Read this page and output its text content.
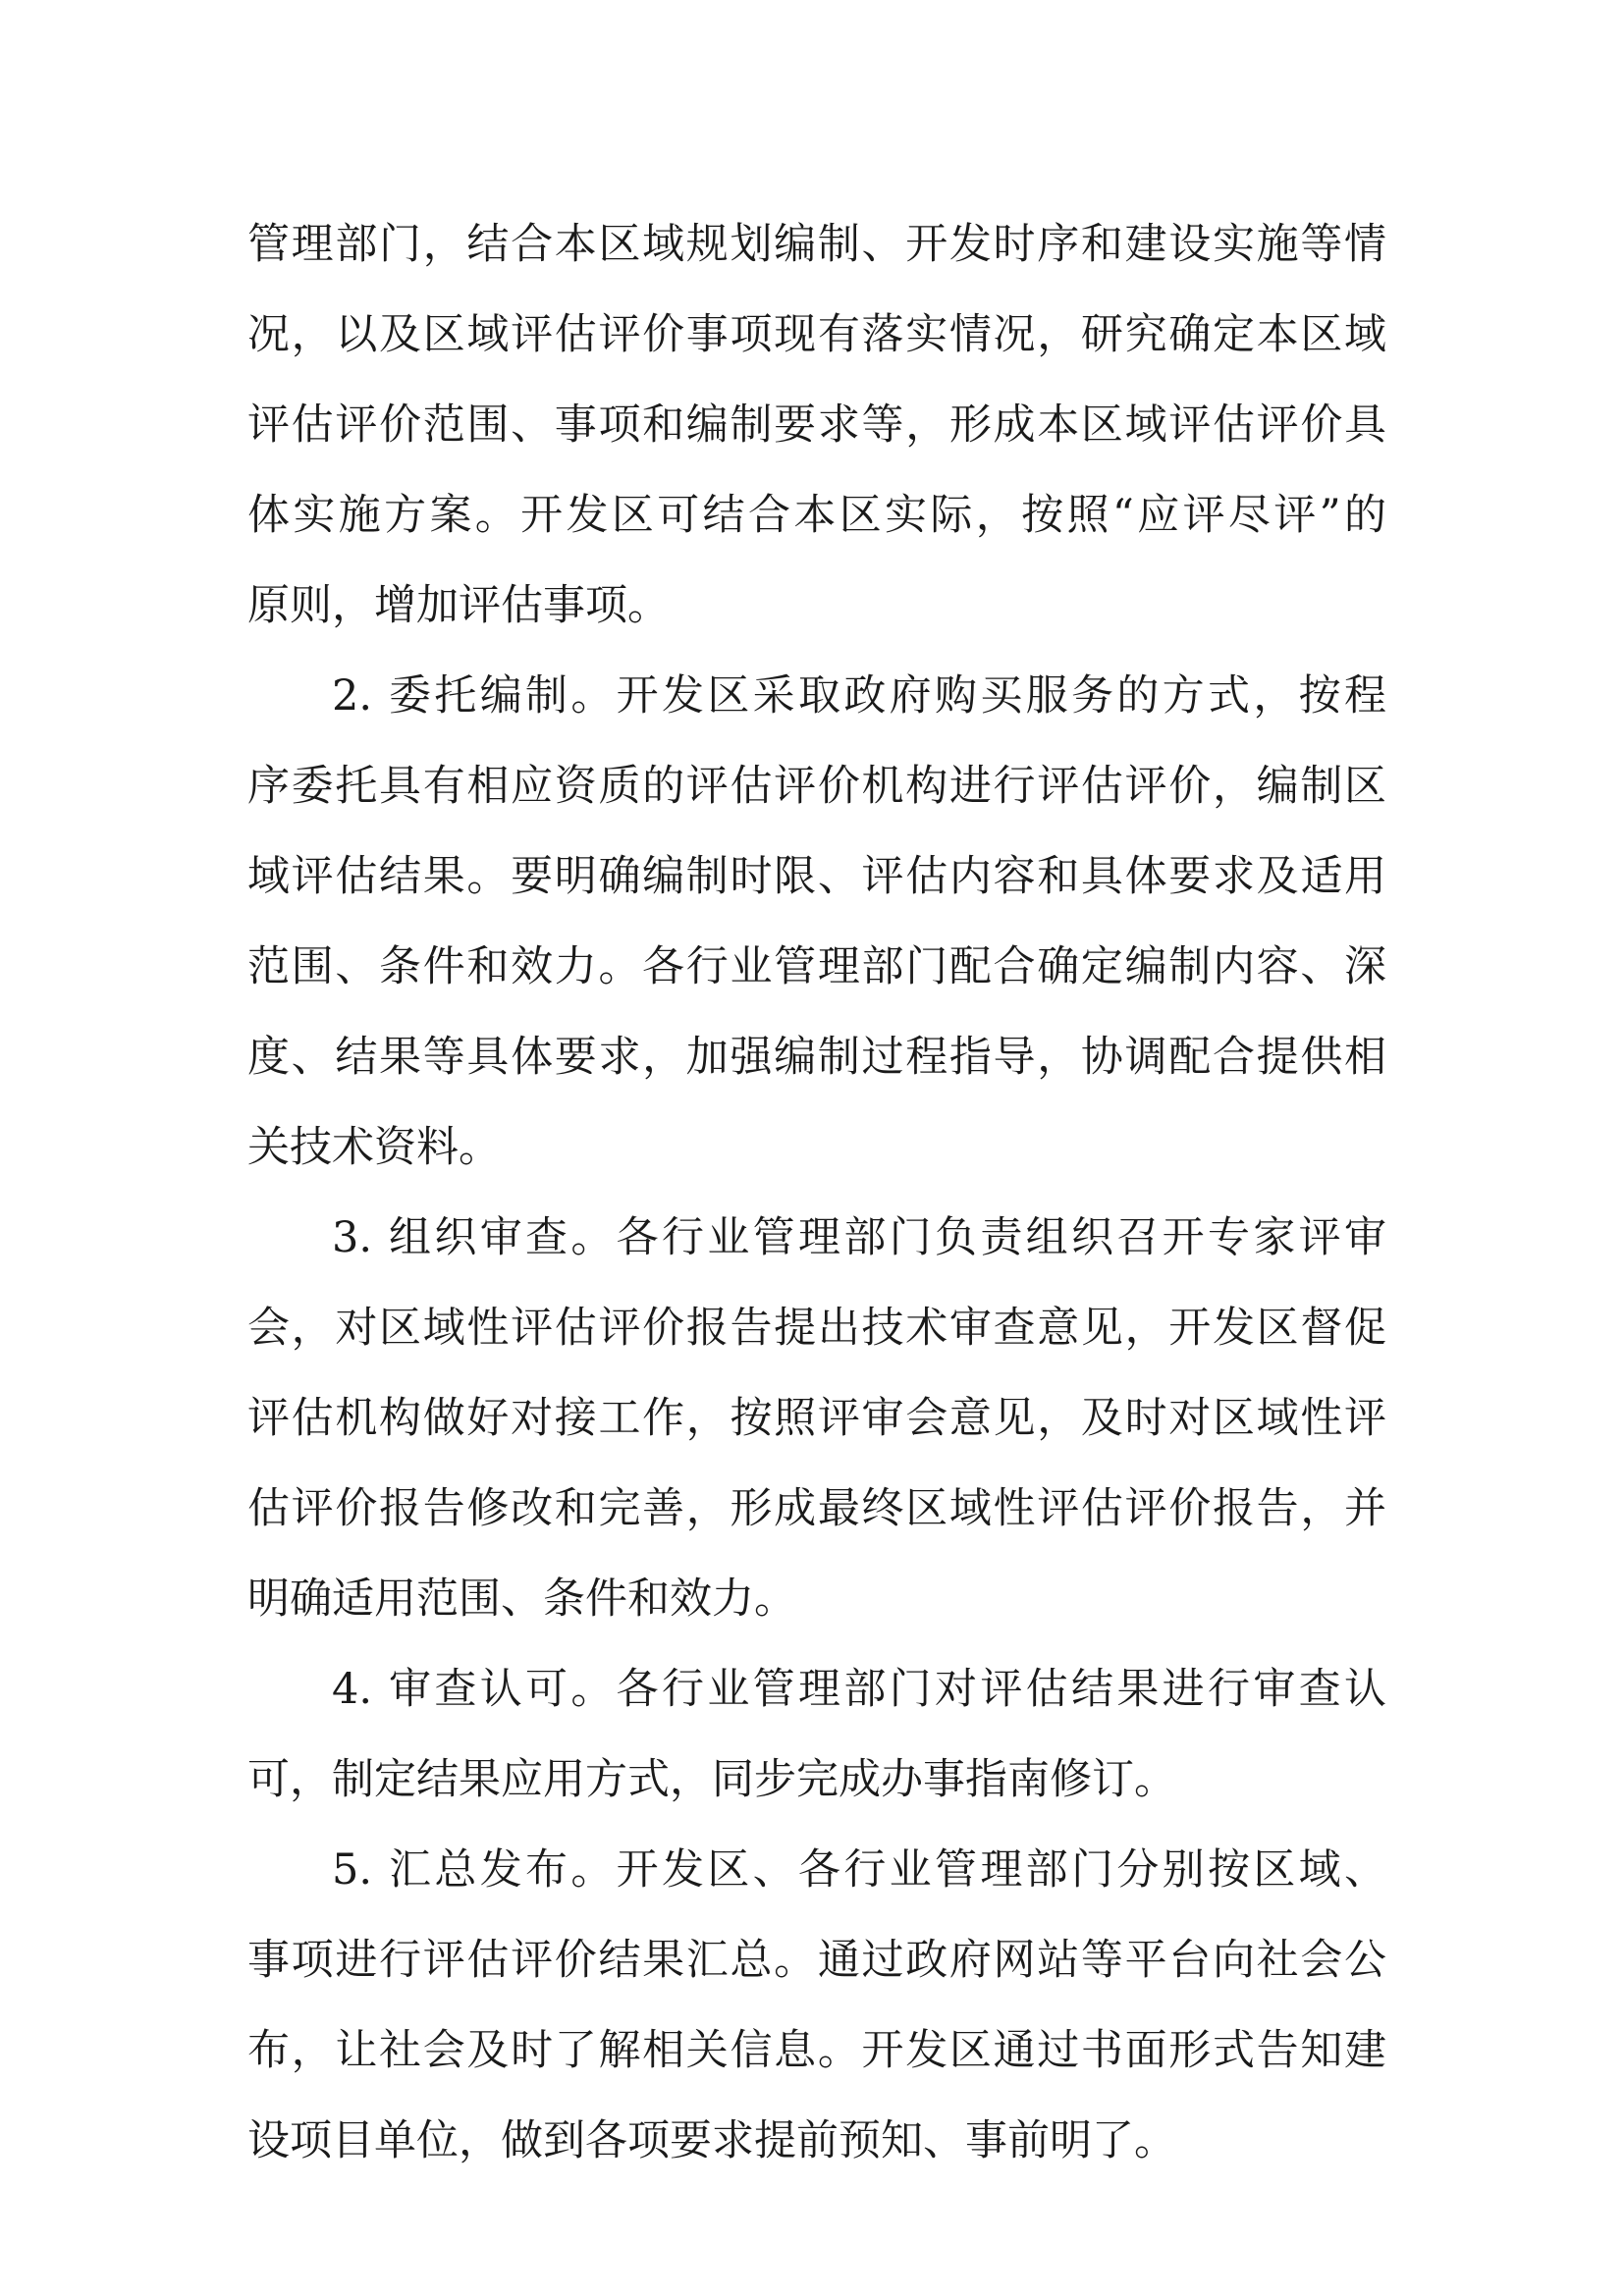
管理部门，结合本区域规划编制、开发时序和建设实施等情
况，以及区域评估评价事项现有落实情况，研究确定本区域
评估评价范围、事项和编制要求等，形成本区域评估评价具
体实施方案。开发区可结合本区实际，按照“应评尽评”的
原则，增加评估事项。
2. 委托编制。开发区采取政府购买服务的方式，按程
序委托具有相应资质的评估评价机构进行评估评价，编制区
域评估结果。要明确编制时限、评估内容和具体要求及适用
范围、条件和效力。各行业管理部门配合确定编制内容、深
度、结果等具体要求，加强编制过程指导，协调配合提供相
关技术资料。
3. 组织审查。各行业管理部门负责组织召开专家评审
会，对区域性评估评价报告提出技术审查意见，开发区督促
评估机构做好对接工作，按照评审会意见，及时对区域性评
估评价报告修改和完善，形成最终区域性评估评价报告，并
明确适用范围、条件和效力。
4. 审查认可。各行业管理部门对评估结果进行审查认
可，制定结果应用方式，同步完成办事指南修订。
5. 汇总发布。开发区、各行业管理部门分别按区域、
事项进行评估评价结果汇总。通过政府网站等平台向社会公
布，让社会及时了解相关信息。开发区通过书面形式告知建
设项目单位，做到各项要求提前预知、事前明了。
